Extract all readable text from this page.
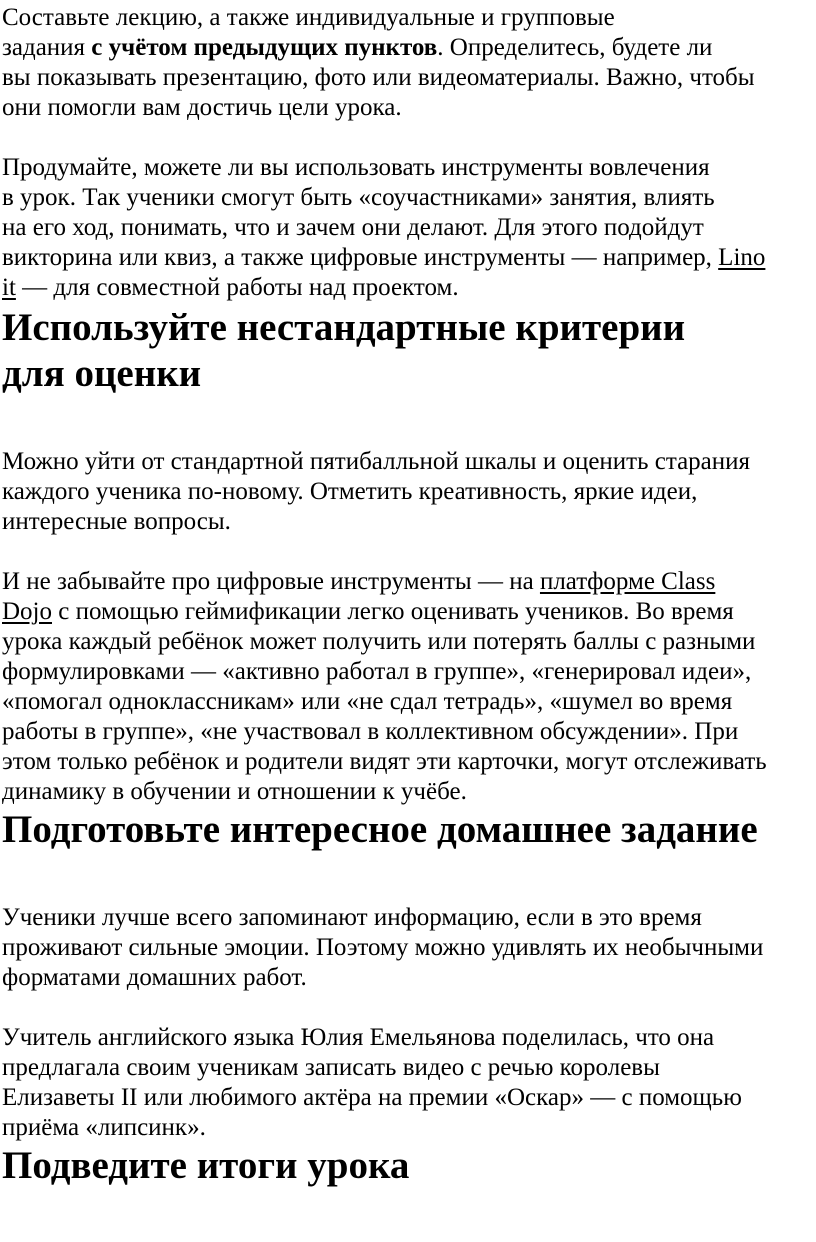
Составьте лекцию, а также индивидуальные и групповые
задания с учётом предыдущих пунктов. Определитесь, будете ли
вы показывать презентацию, фото или видеоматериалы. Важно, чтобы
они помогли вам достичь цели урока.
Продумайте, можете ли вы использовать инструменты вовлечения
в урок. Так ученики смогут быть «соучастниками» занятия, влиять
на его ход, понимать, что и зачем они делают. Для этого подойдут
викторина или квиз, а также цифровые инструменты — например, Lino
it — для совместной работы над проектом.
Используйте нестандартные критерии
для оценки
Можно уйти от стандартной пятибалльной шкалы и оценить старания
каждого ученика по-новому. Отметить креативность, яркие идеи,
интересные вопросы.
И не забывайте про цифровые инструменты — на платформе Class
Dojo с помощью геймификации легко оценивать учеников. Во время
урока каждый ребёнок может получить или потерять баллы с разными
формулировками — «активно работал в группе», «генерировал идеи»,
«помогал одноклассникам» или «не сдал тетрадь», «шумел во время
работы в группе», «не участвовал в коллективном обсуждении». При
этом только ребёнок и родители видят эти карточки, могут отслеживать
динамику в обучении и отношении к учёбе.
Подготовьте интересное домашнее задание
Ученики лучше всего запоминают информацию, если в это время
проживают сильные эмоции. Поэтому можно удивлять их необычными
форматами домашних работ.
Учитель английского языка Юлия Емельянова поделилась, что она
предлагала своим ученикам записать видео с речью королевы
Елизаветы II или любимого актёра на премии «Оскар» — с помощью
приёма «липсинк».
Подведите итоги урока
